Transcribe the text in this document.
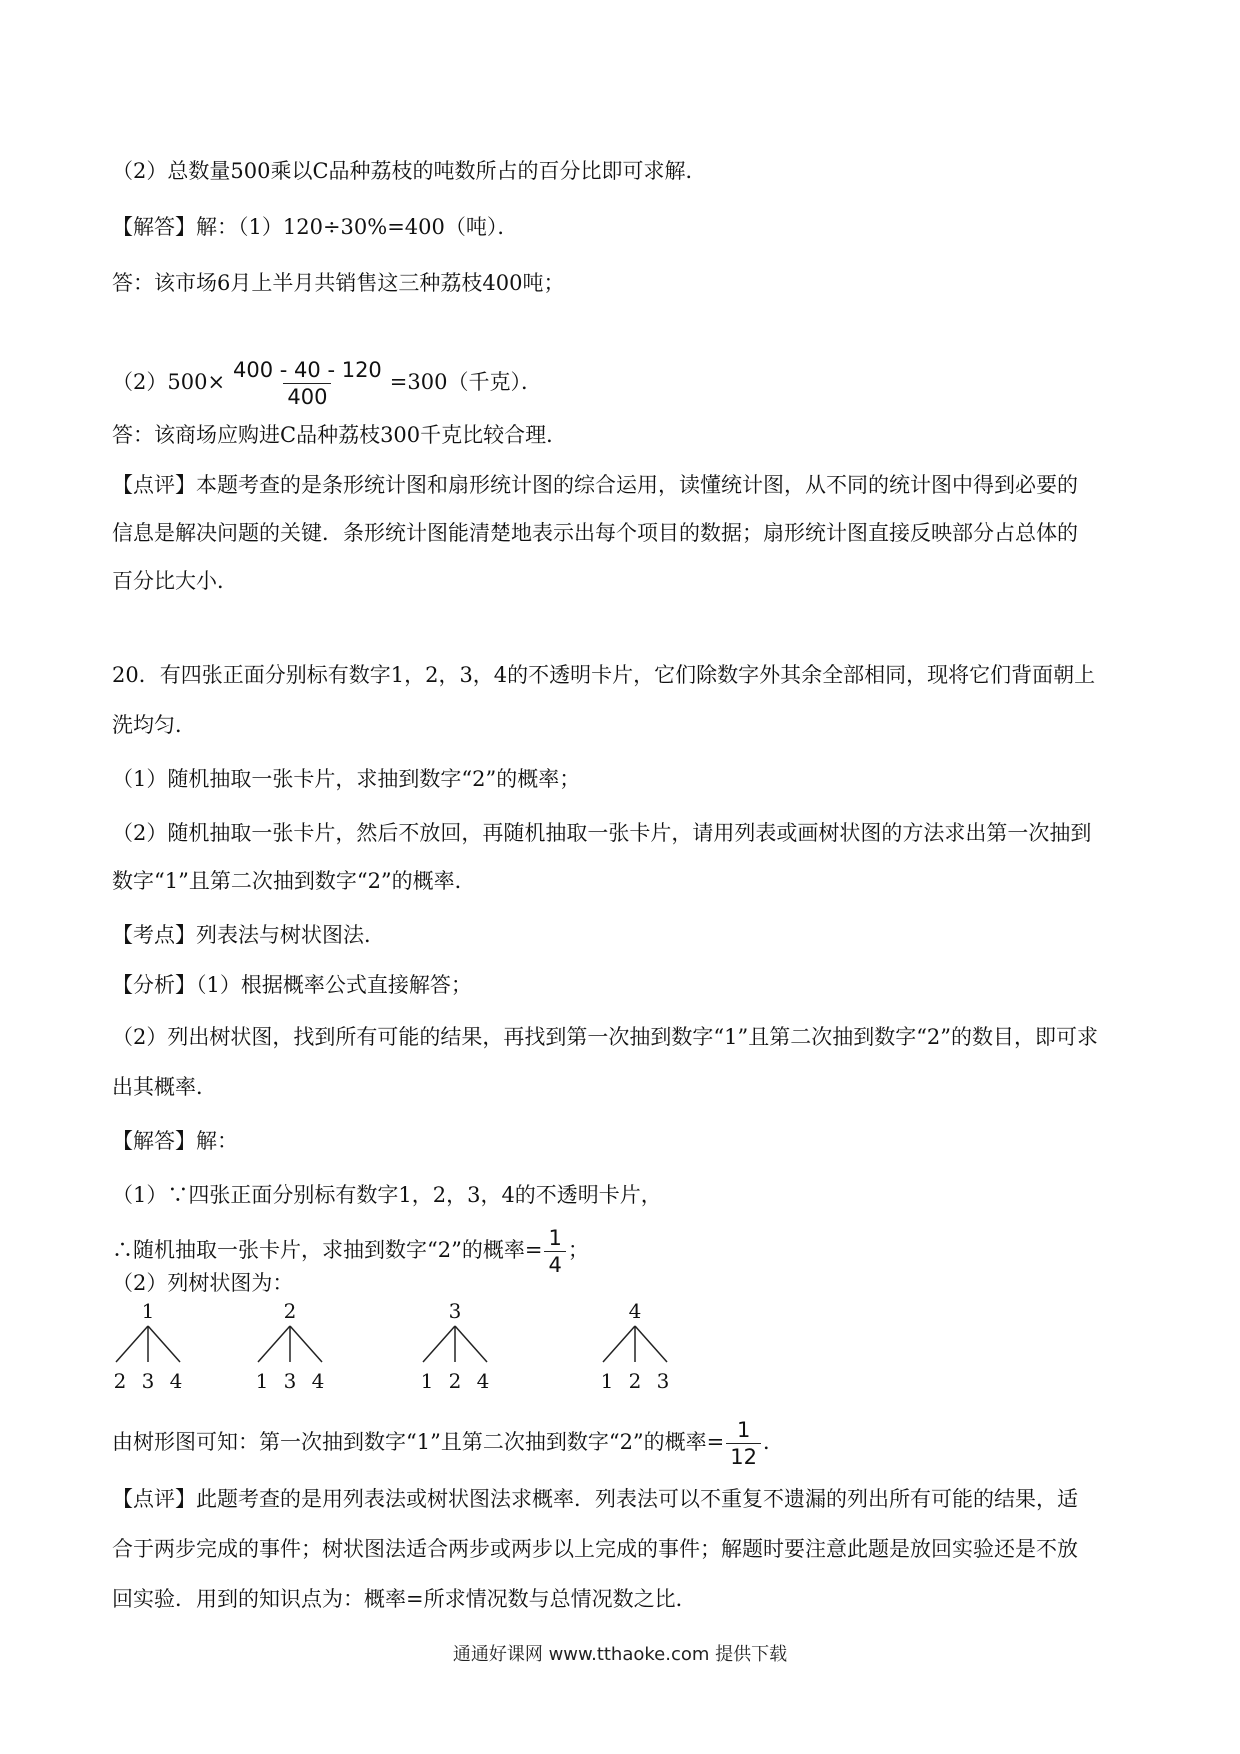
（2）总数量500乘以C品种荔枝的吨数所占的百分比即可求解．
【解答】解：（1）120÷30%=400（吨）．
答：该市场6月上半月共销售这三种荔枝400吨；
$(2)500\times \frac{400 - 40 - 120}{400} =300$（千克）．
答：该商场应购进C品种荔枝300千克比较合理．
【点评】本题考查的是条形统计图和扇形统计图的综合运用，读懂统计图，从不同的统计图中得到必要的
信息是解决问题的关键．条形统计图能清楚地表示出每个项目的数据；扇形统计图直接反映部分占总体的
百分比大小．
20．有四张正面分别标有数字1，2，3，4的不透明卡片，它们除数字外其余全部相同，现将它们背面朝上
洗均匀．
（1）随机抽取一张卡片，求抽到数字“2”的概率；
（2）随机抽取一张卡片，然后不放回，再随机抽取一张卡片，请用列表或画树状图的方法求出第一次抽到
数字“1”且第二次抽到数字“2”的概率．
【考点】列表法与树状图法．
【分析】（1）根据概率公式直接解答；
（2）列出树状图，找到所有可能的结果，再找到第一次抽到数字“1”且第二次抽到数字“2”的数目，即可求
出其概率．
【解答】解：
（1）∵四张正面分别标有数字1，2，3，4的不透明卡片，
∴随机抽取一张卡片，求抽到数字“2”的概率= $\frac{1}{4}$ ；
（2）列树状图为：
1
2 3 4
2
1 3 4
3
1 2 4
4
1 2 3
由树形图可知：第一次抽到数字“1”且第二次抽到数字“2”的概率= $\frac{1}{12}$ ．
【点评】此题考查的是用列表法或树状图法求概率．列表法可以不重复不遗漏的列出所有可能的结果，适
合于两步完成的事件；树状图法适合两步或两步以上完成的事件；解题时要注意此题是放回实验还是不放
回实验．用到的知识点为：概率=所求情况数与总情况数之比．
通通好课网 www.tthaoke.com 提供下载
